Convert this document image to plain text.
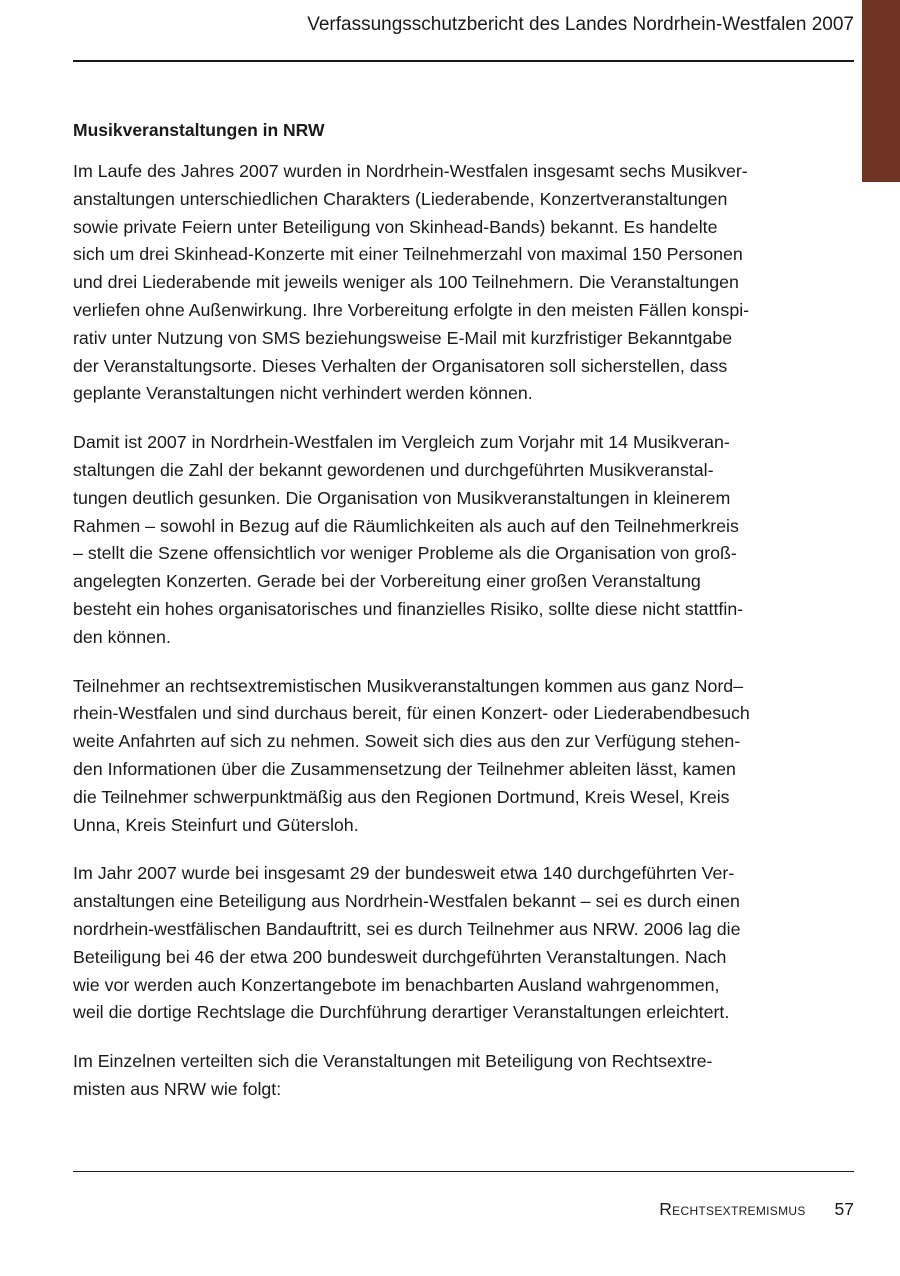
Verfassungsschutzbericht des Landes Nordrhein-Westfalen 2007
Musikveranstaltungen in NRW

Im Laufe des Jahres 2007 wurden in Nordrhein-Westfalen insgesamt sechs Musikver-
anstaltungen unterschiedlichen Charakters (Liederabende, Konzertveranstaltungen
sowie private Feiern unter Beteiligung von Skinhead-Bands) bekannt. Es handelte
sich um drei Skinhead-Konzerte mit einer Teilnehmerzahl von maximal 150 Personen
und drei Liederabende mit jeweils weniger als 100 Teilnehmern. Die Veranstaltungen
verliefen ohne Außenwirkung. Ihre Vorbereitung erfolgte in den meisten Fällen konspi-
rativ unter Nutzung von SMS beziehungsweise E-Mail mit kurzfristiger Bekanntgabe
der Veranstaltungsorte. Dieses Verhalten der Organisatoren soll sicherstellen, dass
geplante Veranstaltungen nicht verhindert werden können.

Damit ist 2007 in Nordrhein-Westfalen im Vergleich zum Vorjahr mit 14 Musikveran-
staltungen die Zahl der bekannt gewordenen und durchgeführten Musikveranstal-
tungen deutlich gesunken. Die Organisation von Musikveranstaltungen in kleinerem
Rahmen – sowohl in Bezug auf die Räumlichkeiten als auch auf den Teilnehmerkreis
– stellt die Szene offensichtlich vor weniger Probleme als die Organisation von groß-
angelegten Konzerten. Gerade bei der Vorbereitung einer großen Veranstaltung
besteht ein hohes organisatorisches und finanzielles Risiko, sollte diese nicht stattfin-
den können.

Teilnehmer an rechtsextremistischen Musikveranstaltungen kommen aus ganz Nord–
rhein-Westfalen und sind durchaus bereit, für einen Konzert- oder Liederabendbesuch
weite Anfahrten auf sich zu nehmen. Soweit sich dies aus den zur Verfügung stehen-
den Informationen über die Zusammensetzung der Teilnehmer ableiten lässt, kamen
die Teilnehmer schwerpunktmäßig aus den Regionen Dortmund, Kreis Wesel, Kreis
Unna, Kreis Steinfurt und Gütersloh.

Im Jahr 2007 wurde bei insgesamt 29 der bundesweit etwa 140 durchgeführten Ver-
anstaltungen eine Beteiligung aus Nordrhein-Westfalen bekannt – sei es durch einen
nordrhein-westfälischen Bandauftritt, sei es durch Teilnehmer aus NRW. 2006 lag die
Beteiligung bei 46 der etwa 200 bundesweit durchgeführten Veranstaltungen. Nach
wie vor werden auch Konzertangebote im benachbarten Ausland wahrgenommen,
weil die dortige Rechtslage die Durchführung derartiger Veranstaltungen erleichtert.

Im Einzelnen verteilten sich die Veranstaltungen mit Beteiligung von Rechtsextre-
misten aus NRW wie folgt:

Rechtsextremismus 57
